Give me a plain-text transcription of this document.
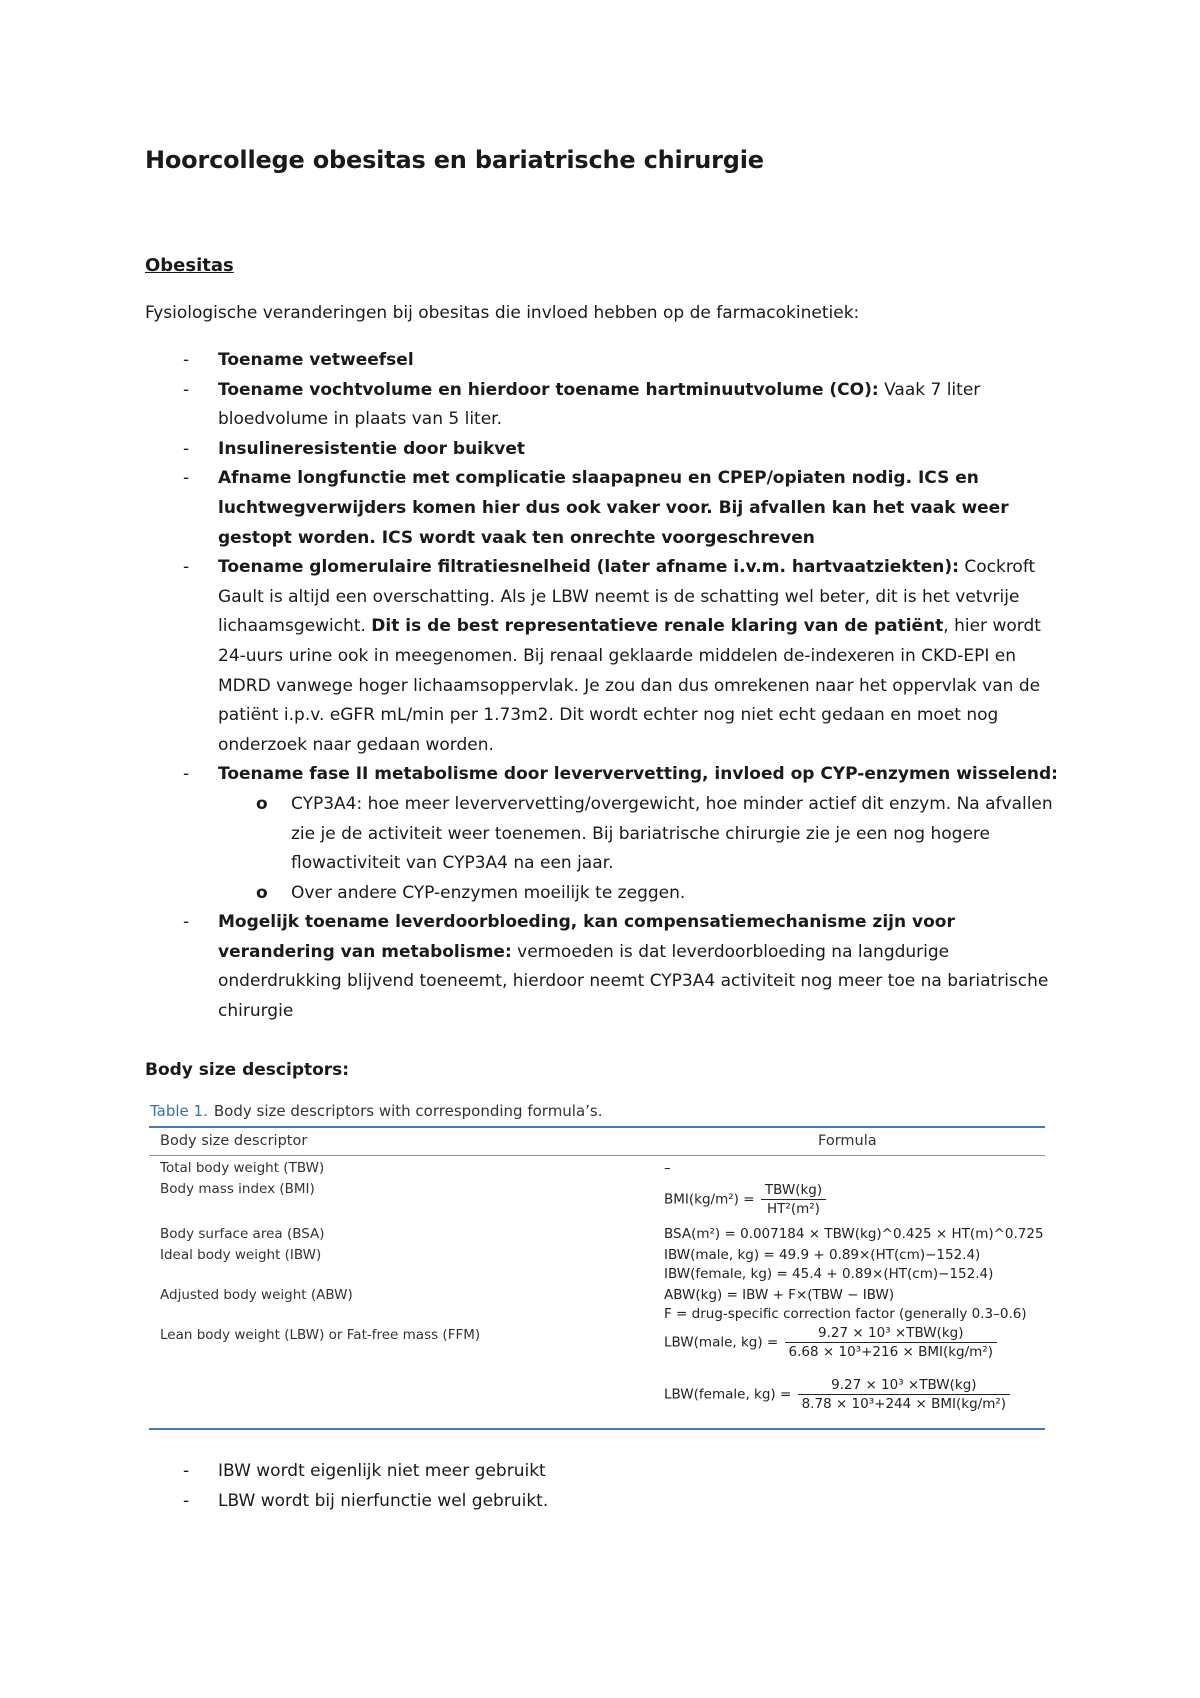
Hoorcollege obesitas en bariatrische chirurgie
Obesitas
Fysiologische veranderingen bij obesitas die invloed hebben op de farmacokinetiek:
- Toename vetweefsel
- Toename vochtvolume en hierdoor toename hartminuutvolume (CO): Vaak 7 liter bloedvolume in plaats van 5 liter.
- Insulineresistentie door buikvet
- Afname longfunctie met complicatie slaapapneu en CPEP/opiaten nodig. ICS en luchtwegverwijders komen hier dus ook vaker voor. Bij afvallen kan het vaak weer gestopt worden. ICS wordt vaak ten onrechte voorgeschreven
- Toename glomerulaire filtratiesnelheid (later afname i.v.m. hartvaatziekten): Cockroft Gault is altijd een overschatting. Als je LBW neemt is de schatting wel beter, dit is het vetvrije lichaamsgewicht. Dit is de best representatieve renale klaring van de patiënt, hier wordt 24-uurs urine ook in meegenomen. Bij renaal geklaarde middelen de-indexeren in CKD-EPI en MDRD vanwege hoger lichaamsoppervlak. Je zou dan dus omrekenen naar het oppervlak van de patiënt i.p.v. eGFR mL/min per 1.73m2. Dit wordt echter nog niet echt gedaan en moet nog onderzoek naar gedaan worden.
- Toename fase II metabolisme door leververvetting, invloed op CYP-enzymen wisselend:
o CYP3A4: hoe meer leververvetting/overgewicht, hoe minder actief dit enzym. Na afvallen zie je de activiteit weer toenemen. Bij bariatrische chirurgie zie je een nog hogere flowactiviteit van CYP3A4 na een jaar.
o Over andere CYP-enzymen moeilijk te zeggen.
- Mogelijk toename leverdoorbloeding, kan compensatiemechanisme zijn voor verandering van metabolisme: vermoeden is dat leverdoorbloeding na langdurige onderdrukking blijvend toeneemt, hierdoor neemt CYP3A4 activiteit nog meer toe na bariatrische chirurgie
Body size desciptors:
Table 1. Body size descriptors with corresponding formula’s.
Body size descriptor	Formula
Total body weight (TBW)
Body mass index (BMI)
Body surface area (BSA)
Ideal body weight (IBW)
Adjusted body weight (ABW)
Lean body weight (LBW) or Fat-free mass (FFM)
–
$BMI(kg/m^2) = \frac{\text{TBW(kg)}}{\text{HT²(m²)}}$
BSA(m²) = 0.007184 × TBW(kg)^0.425 × HT(m)^0.725
IBW(male, kg) = 49.9 + 0.89×(HT(cm)−152.4)
IBW(female, kg) = 45.4 + 0.89×(HT(cm)−152.4)
ABW(kg) = IBW + F×(TBW − IBW)
F = drug-specific correction factor (generally 0.3–0.6)
LBW(male, $kg) = \frac{\text{9.27 × 10³ ×TBW(kg)}}{\text{6.68 × 10³+216 × BMI(kg/m²)}}$
LBW(female, $kg) = \frac{\text{9.27 × 10³ ×TBW(kg)}}{\text{8.78 × 10³+244 × BMI(kg/m²)}}$
- IBW wordt eigenlijk niet meer gebruikt
- LBW wordt bij nierfunctie wel gebruikt.
